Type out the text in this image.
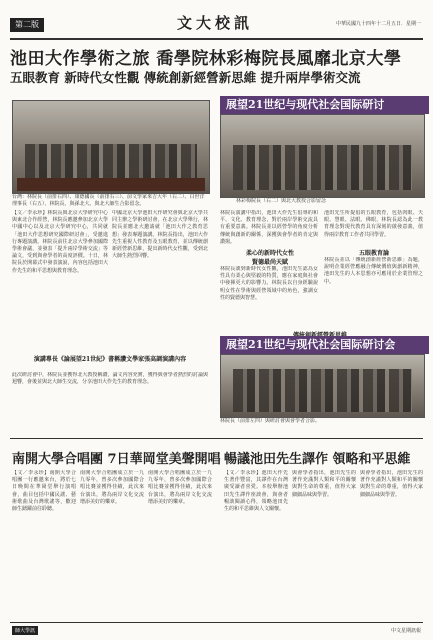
第二版	文大校訊	中華民國九十四年十二月五日．星期一
池田大作學術之旅 喬學院林彩梅院長風靡北京大學
五眼教育 新時代女性觀 傳統創新經營新思維 提升兩岸學術交流
台灣：林院長（前排右四）、康德國長（前排右三）、前文學家來吉大年（右二）、白世洋理事長（右五）、林院長、與孫北大、與北大師生合影留念。
展望21世纪与现代社会国际研讨
林彩梅院長（右二）與北大教授合影留念
【文／李永珍】林院長與北京大學研究中心與東北合作經營，林院長應邀參加北京大學中國中心以及北京大學研究中心，共同就「池田大作思想研究國際研討會」，受邀進行專題演講。林院長前往北京大學參加國際學術會議，並發表「提升兩岸學術交流」等論文，受到與會學者的高度評價。十日，林院長於開幕式中發表演說，內容包括池田大作先生的和平思想與教育理念。
中國北京大學池田大作研究會與北京大學共同主辦之學術研討會，在北京大學舉行，林院長並應北大邀請就「池田大作之教育思想」發表專題演講。林院長指出，池田大作先生重視人性教育及五眼教育，並以傳統創新經營新思維，提出新時代女性觀，受到北大師生熱烈回響。
林院長演講中指出，池田大作先生倡導的和平、文化、教育理念，對於兩岸學術交流具有重要意義。林院長並以經營學的角度分析傳統與創新的關係，深獲與會學者的肯定與讚揚。
柔心的新時代女性
賢德最尚天賦
林院長談到新時代女性觀，池田先生認為女性具有柔心與堅毅的特質，應在家庭與社會中發揮更大的影響力。林院長以自身經驗說明女性在學術與經營領域中的角色，強調女性的賢德與智慧。
池田先生所提倡的五眼教育，包括肉眼、天眼、慧眼、法眼、佛眼，林院長認為此一教育理念對現代教育具有深刻的啟發意義，值得兩岸教育工作者共同學習。
五眼教育論
林院長並以「傳統創新經營新思維」為題，說明企業經營應融合傳統價值與創新精神，池田先生的人本思想亦可應用於企業管理之中。
展望21世纪与现代社会国际研讨会
林院長（前排左四）與研討會與會學者合影。
演講專長《論展望21世紀》書稱讚文學家張高調演講內容
此次研討會中，林院長並獲得北大教授稱讚，論文內容充實，獲得與會學者熱烈的討論與迴響，會後並與北大師生交流，分享池田大作先生的教育理念。
南開大學合唱團 7日華岡堂美聲開唱 暢議池田先生譯作 領略和平思維
【文／李永珍】南開大學合唱團一行應邀來台，將於七日晚間在華岡堂舉行演唱會，曲目包括中國民謠、藝術歌曲及台灣歌謠等，歡迎師生踴躍前往聆聽。
南開大學合唱團成立於一九九零年，曾多次參加國際合唱比賽並獲得佳績，此次來台演出，將為兩岸文化交流增添美好的樂章。
南開大學合唱團成立於一九九零年，曾多次參加國際合唱比賽並獲得佳績，此次來台演出，將為兩岸文化交流增添美好的樂章。
【文／李永珍】池田大作先生著作豐富，其譯作在台灣廣受讀者喜愛。本校舉辦池田先生譯作座談會，與會者暢談閱讀心得，領略池田先生的和平思維與人文關懷。
與會學者指出，池田先生的著作充滿對人類和平的關懷與對生命的尊重，值得大家細細品味與學習。
與會學者指出，池田先生的著作充滿對人類和平的關懷與對生命的尊重，值得大家細細品味與學習。
師大學訊	中文星期訊報
